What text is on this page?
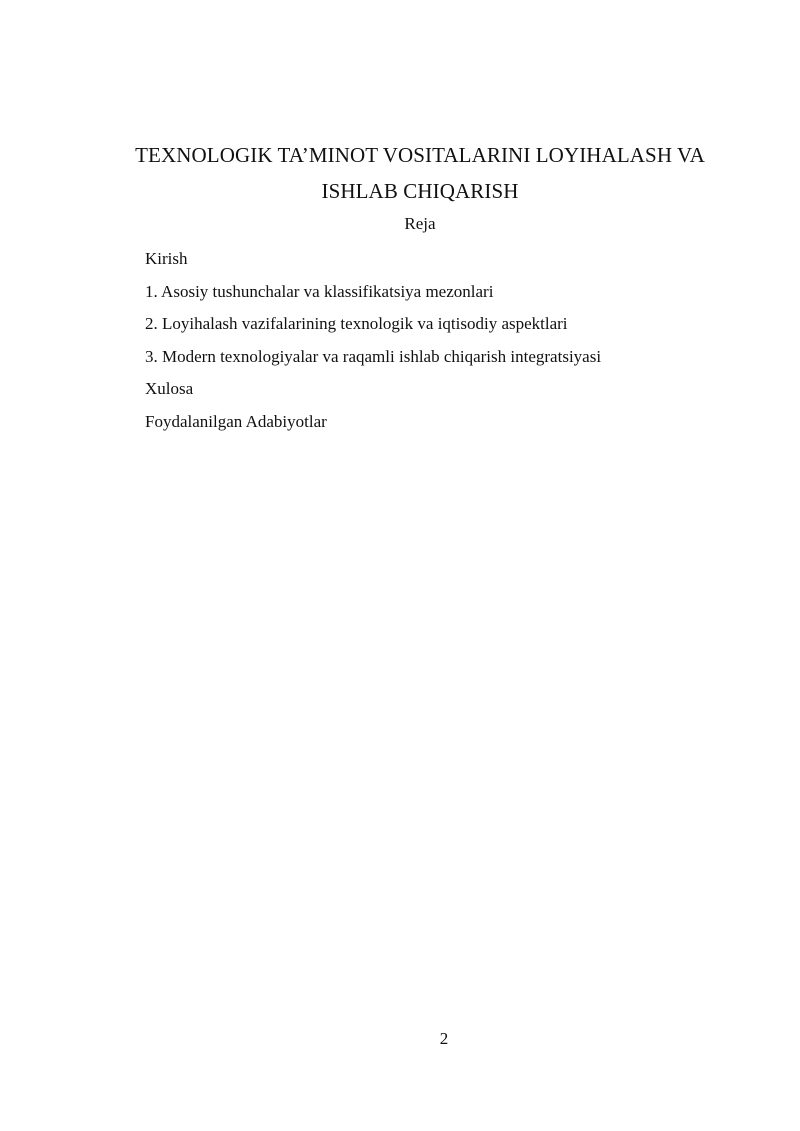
TEXNOLOGIK TA’MINOT VOSITALARINI LOYIHALASH VA
ISHLAB CHIQARISH
Reja
Kirish
1. Asosiy tushunchalar va klassifikatsiya mezonlari
2. Loyihalash vazifalarining texnologik va iqtisodiy aspektlari
3. Modern texnologiyalar va raqamli ishlab chiqarish integratsiyasi
Xulosa
Foydalanilgan Adabiyotlar
2
